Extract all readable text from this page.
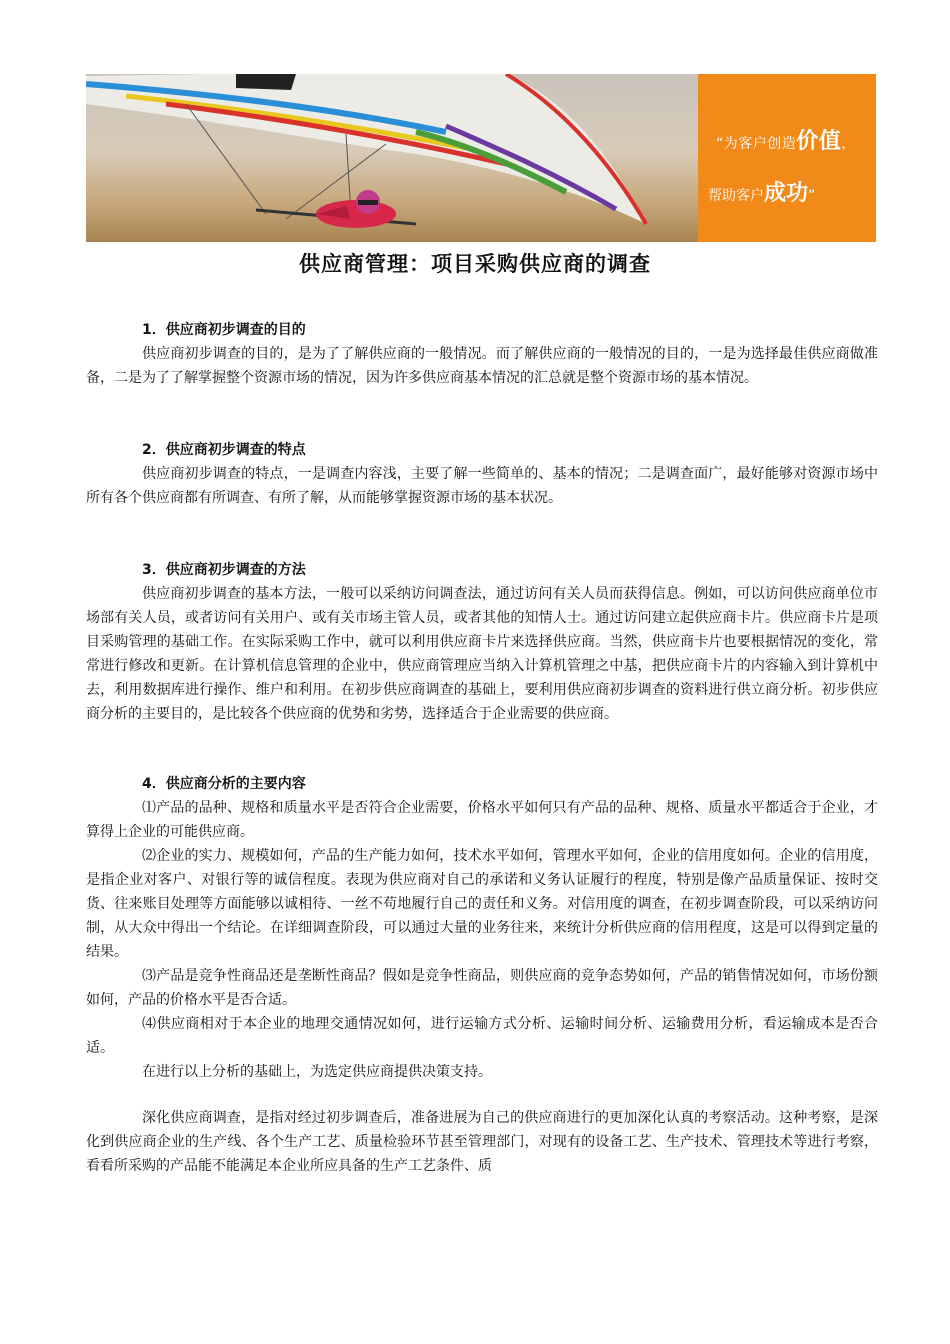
“为客户创造价值，
帮助客户成功”
供应商管理：项目采购供应商的调查

1．供应商初步调查的目的

供应商初步调查的目的，是为了了解供应商的一般情况。而了解供应商的一般情况的目的，一是为选择最佳供应商做准备，二是为了了解掌握整个资源市场的情况，因为许多供应商基本情况的汇总就是整个资源市场的基本情况。

2．供应商初步调查的特点

供应商初步调查的特点，一是调查内容浅，主要了解一些简单的、基本的情况；二是调查面广，最好能够对资源市场中所有各个供应商都有所调查、有所了解，从而能够掌握资源市场的基本状况。

3．供应商初步调查的方法

供应商初步调查的基本方法，一般可以采纳访问调查法，通过访问有关人员而获得信息。例如，可以访问供应商单位市场部有关人员，或者访问有关用户、或有关市场主管人员，或者其他的知情人士。通过访问建立起供应商卡片。供应商卡片是项目采购管理的基础工作。在实际采购工作中，就可以利用供应商卡片来选择供应商。当然，供应商卡片也要根据情况的变化，常常进行修改和更新。在计算机信息管理的企业中，供应商管理应当纳入计算机管理之中基，把供应商卡片的内容输入到计算机中去，利用数据库进行操作、维户和利用。在初步供应商调查的基础上，要利用供应商初步调查的资料进行供立商分析。初步供应商分析的主要目的，是比较各个供应商的优势和劣势，选择适合于企业需要的供应商。

4．供应商分析的主要内容

⑴产品的品种、规格和质量水平是否符合企业需要，价格水平如何只有产品的品种、规格、质量水平都适合于企业，才算得上企业的可能供应商。

⑵企业的实力、规模如何，产品的生产能力如何，技术水平如何，管理水平如何，企业的信用度如何。企业的信用度，是指企业对客户、对银行等的诚信程度。表现为供应商对自己的承诺和义务认证履行的程度，特别是像产品质量保证、按时交货、往来账目处理等方面能够以诚相待、一丝不苟地履行自己的责任和义务。对信用度的调查，在初步调查阶段，可以采纳访问制，从大众中得出一个结论。在详细调查阶段，可以通过大量的业务往来，来统计分析供应商的信用程度，这是可以得到定量的结果。

⑶产品是竞争性商品还是垄断性商品？假如是竞争性商品，则供应商的竞争态势如何，产品的销售情况如何，市场份额如何，产品的价格水平是否合适。

⑷供应商相对于本企业的地理交通情况如何，进行运输方式分析、运输时间分析、运输费用分析，看运输成本是否合适。

在进行以上分析的基础上，为选定供应商提供决策支持。

深化供应商调查，是指对经过初步调查后，准备进展为自己的供应商进行的更加深化认真的考察活动。这种考察，是深化到供应商企业的生产线、各个生产工艺、质量检验环节甚至管理部门，对现有的设备工艺、生产技术、管理技术等进行考察，看看所采购的产品能不能满足本企业所应具备的生产工艺条件、质
